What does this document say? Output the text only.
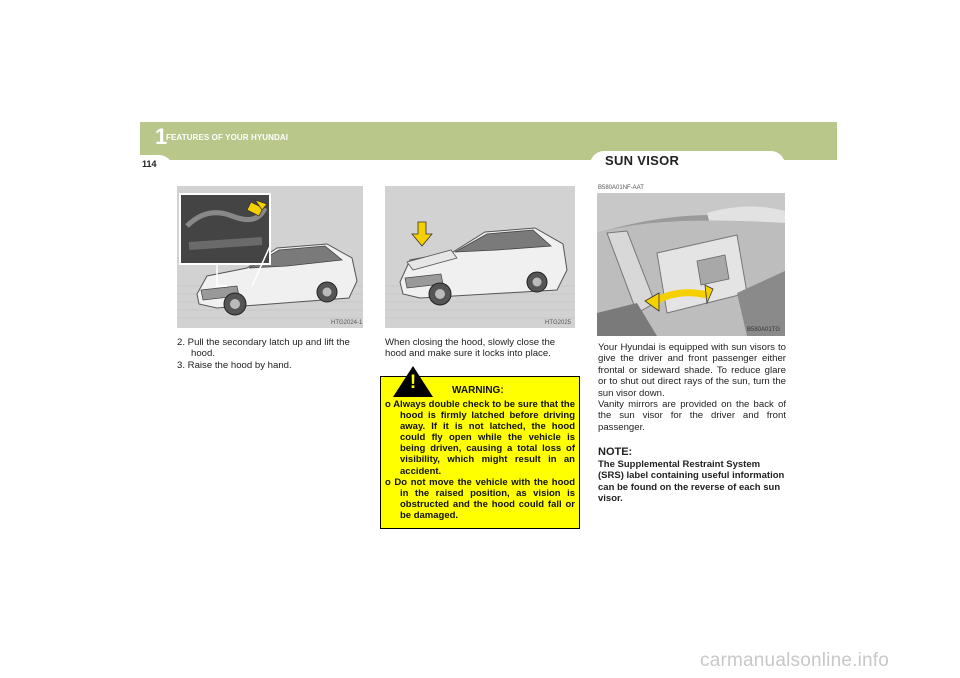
1
FEATURES OF YOUR HYUNDAI
114	SUN VISOR
HTG2024-1	HTG2025
B580A01NF-AAT
B580A01TG

2. Pull the secondary latch up and lift the hood.

3. Raise the hood by hand.

When closing the hood, slowly close the hood and make sure it locks into place.
!	WARNING:

o Always double check to be sure that the hood is firmly latched before driving away. If it is not latched, the hood could fly open while the vehicle is being driven, causing a total loss of visibility, which might result in an accident.

o Do not move the vehicle with the hood in the raised position, as vision is obstructed and the hood could fall or be damaged.

Your Hyundai is equipped with sun visors to give the driver and front passenger either frontal or sideward shade. To reduce glare or to shut out direct rays of the sun, turn the sun visor down.

Vanity mirrors are provided on the back of the sun visor for the driver and front passenger.

NOTE:
The Supplemental Restraint System (SRS) label containing useful information can be found on the reverse of each sun visor.
carmanualsonline.info
